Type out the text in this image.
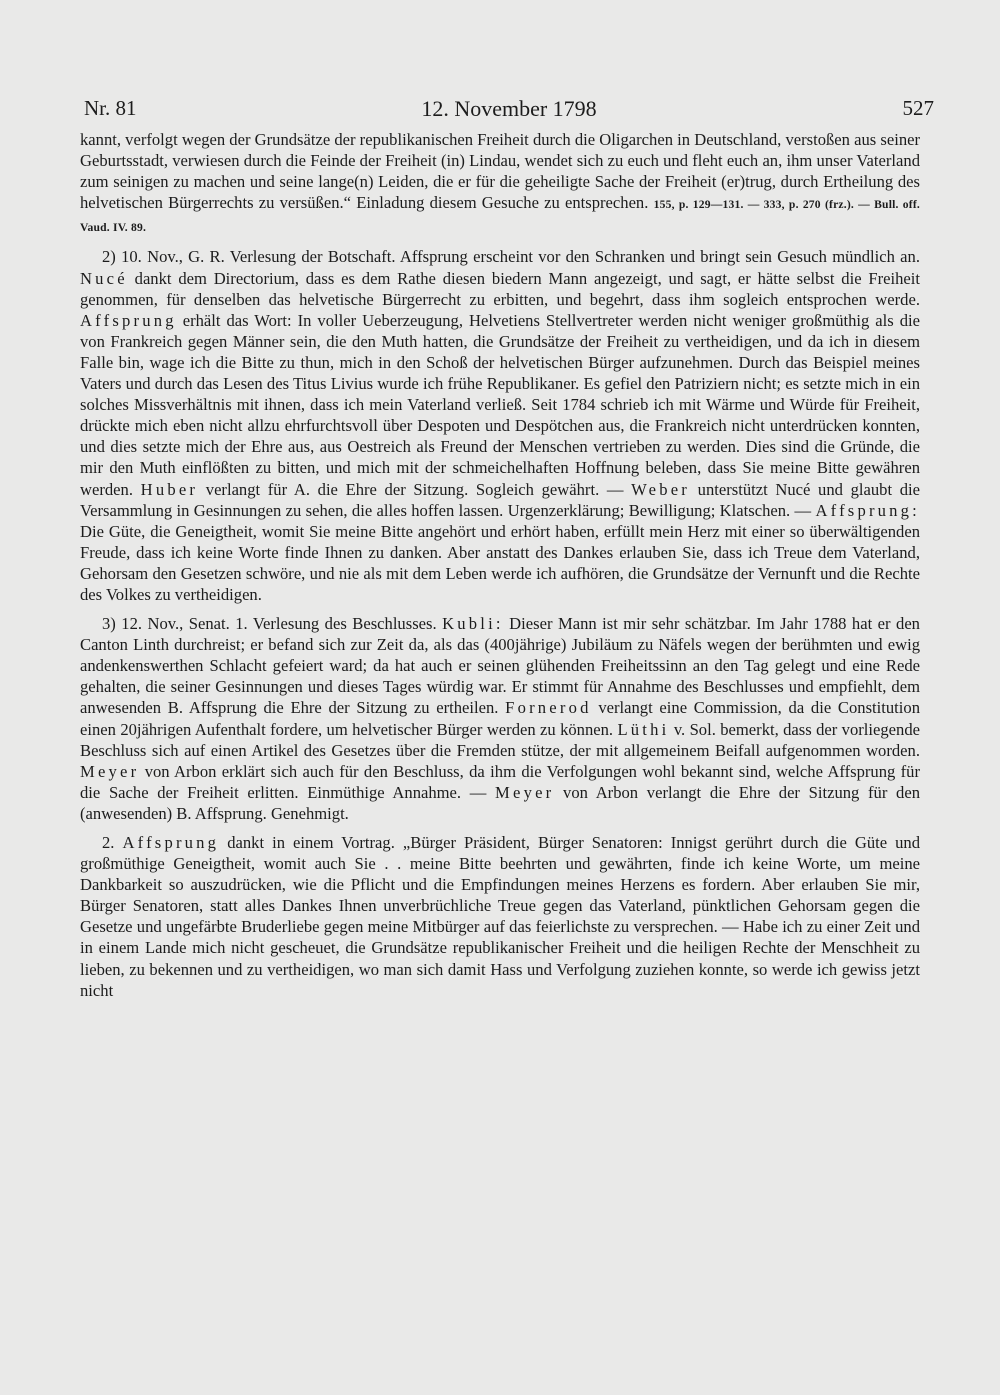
Nr. 81	12. November 1798	527

kannt, verfolgt wegen der Grundsätze der republikanischen Freiheit durch die Oligarchen in Deutschland, verstoßen aus seiner Geburtsstadt, verwiesen durch die Feinde der Freiheit (in) Lindau, wendet sich zu euch und fleht euch an, ihm unser Vaterland zum seinigen zu machen und seine lange(n) Leiden, die er für die geheiligte Sache der Freiheit (er)trug, durch Ertheilung des helvetischen Bürgerrechts zu versüßen.“ Einladung diesem Gesuche zu entsprechen. 155, p. 129—131. — 333, p. 270 (frz.). — Bull. off. Vaud. IV. 89.

2) 10. Nov., G. R. Verlesung der Botschaft. Affsprung erscheint vor den Schranken und bringt sein Gesuch mündlich an. Nucé dankt dem Directorium, dass es dem Rathe diesen biedern Mann angezeigt, und sagt, er hätte selbst die Freiheit genommen, für denselben das helvetische Bürgerrecht zu erbitten, und begehrt, dass ihm sogleich entsprochen werde. Affsprung erhält das Wort: In voller Ueberzeugung, Helvetiens Stellvertreter werden nicht weniger großmüthig als die von Frankreich gegen Männer sein, die den Muth hatten, die Grundsätze der Freiheit zu vertheidigen, und da ich in diesem Falle bin, wage ich die Bitte zu thun, mich in den Schoß der helvetischen Bürger aufzunehmen. Durch das Beispiel meines Vaters und durch das Lesen des Titus Livius wurde ich frühe Republikaner. Es gefiel den Patriziern nicht; es setzte mich in ein solches Missverhältnis mit ihnen, dass ich mein Vaterland verließ. Seit 1784 schrieb ich mit Wärme und Würde für Freiheit, drückte mich eben nicht allzu ehrfurchtsvoll über Despoten und Despötchen aus, die Frankreich nicht unterdrücken konnten, und dies setzte mich der Ehre aus, aus Oestreich als Freund der Menschen vertrieben zu werden. Dies sind die Gründe, die mir den Muth einflößten zu bitten, und mich mit der schmeichelhaften Hoffnung beleben, dass Sie meine Bitte gewähren werden. Huber verlangt für A. die Ehre der Sitzung. Sogleich gewährt. — Weber unterstützt Nucé und glaubt die Versammlung in Gesinnungen zu sehen, die alles hoffen lassen. Urgenzerklärung; Bewilligung; Klatschen. — Affsprung: Die Güte, die Geneigtheit, womit Sie meine Bitte angehört und erhört haben, erfüllt mein Herz mit einer so überwältigenden Freude, dass ich keine Worte finde Ihnen zu danken. Aber anstatt des Dankes erlauben Sie, dass ich Treue dem Vaterland, Gehorsam den Gesetzen schwöre, und nie als mit dem Leben werde ich aufhören, die Grundsätze der Vernunft und die Rechte des Volkes zu vertheidigen.

3) 12. Nov., Senat. 1. Verlesung des Beschlusses. Kubli: Dieser Mann ist mir sehr schätzbar. Im Jahr 1788 hat er den Canton Linth durchreist; er befand sich zur Zeit da, als das (400jährige) Jubiläum zu Näfels wegen der berühmten und ewig andenkenswerthen Schlacht gefeiert ward; da hat auch er seinen glühenden Freiheitssinn an den Tag gelegt und eine Rede gehalten, die seiner Gesinnungen und dieses Tages würdig war. Er stimmt für Annahme des Beschlusses und empfiehlt, dem anwesenden B. Affsprung die Ehre der Sitzung zu ertheilen. Fornerod verlangt eine Commission, da die Constitution einen 20jährigen Aufenthalt fordere, um helvetischer Bürger werden zu können. Lüthi v. Sol. bemerkt, dass der vorliegende Beschluss sich auf einen Artikel des Gesetzes über die Fremden stütze, der mit allgemeinem Beifall aufgenommen worden. Meyer von Arbon erklärt sich auch für den Beschluss, da ihm die Verfolgungen wohl bekannt sind, welche Affsprung für die Sache der Freiheit erlitten. Einmüthige Annahme. — Meyer von Arbon verlangt die Ehre der Sitzung für den (anwesenden) B. Affsprung. Genehmigt.

2. Affsprung dankt in einem Vortrag. „Bürger Präsident, Bürger Senatoren: Innigst gerührt durch die Güte und großmüthige Geneigtheit, womit auch Sie . . meine Bitte beehrten und gewährten, finde ich keine Worte, um meine Dankbarkeit so auszudrücken, wie die Pflicht und die Empfindungen meines Herzens es fordern. Aber erlauben Sie mir, Bürger Senatoren, statt alles Dankes Ihnen unverbrüchliche Treue gegen das Vaterland, pünktlichen Gehorsam gegen die Gesetze und ungefärbte Bruderliebe gegen meine Mitbürger auf das feierlichste zu versprechen. — Habe ich zu einer Zeit und in einem Lande mich nicht gescheuet, die Grundsätze republikanischer Freiheit und die heiligen Rechte der Menschheit zu lieben, zu bekennen und zu vertheidigen, wo man sich damit Hass und Verfolgung zuziehen konnte, so werde ich gewiss jetzt nicht
